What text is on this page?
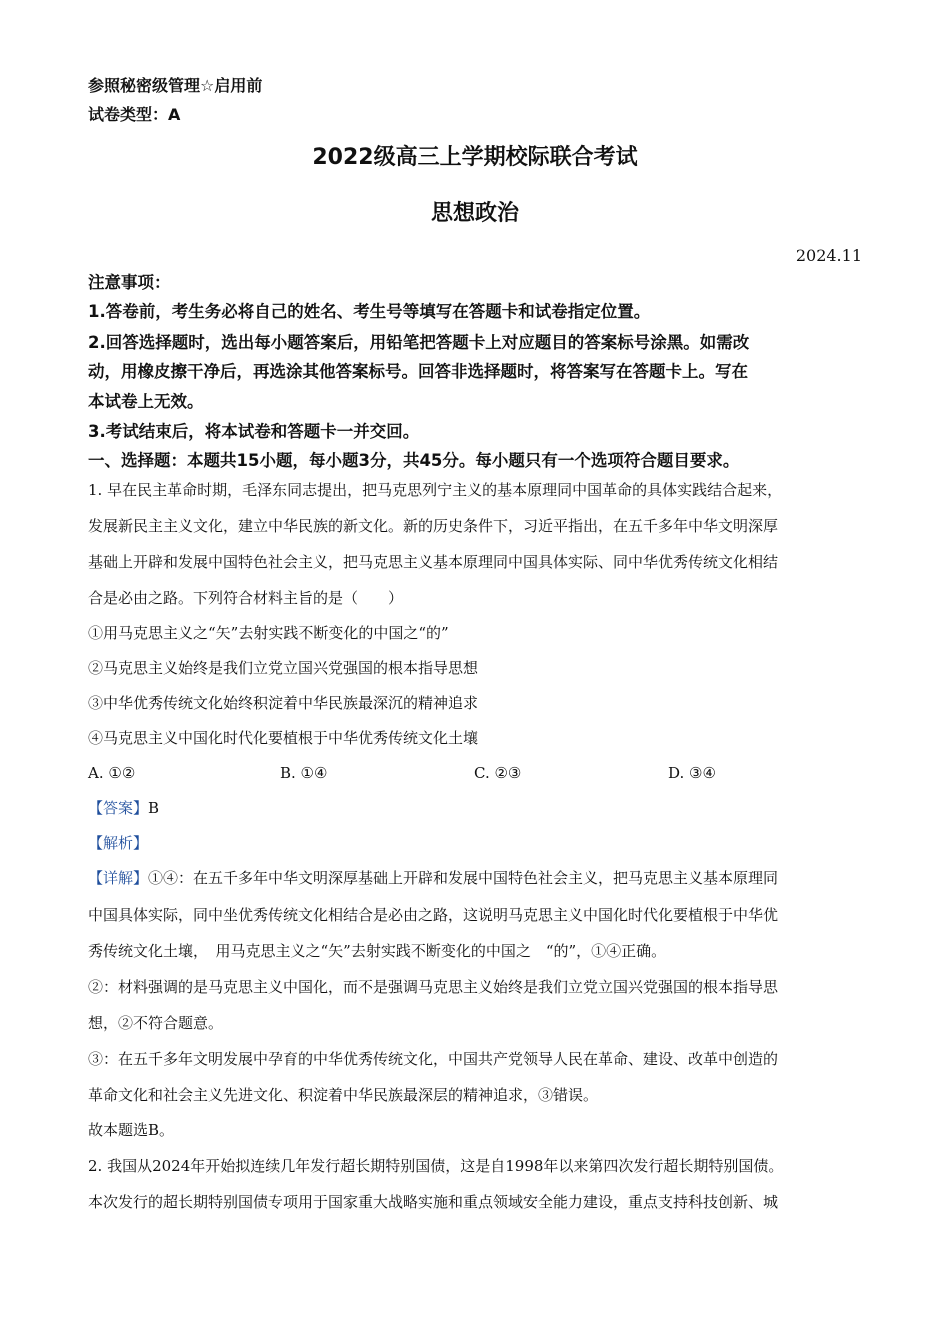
参照秘密级管理☆启用前
试卷类型：A
2022级高三上学期校际联合考试
思想政治
2024.11
注意事项：
1.答卷前，考生务必将自己的姓名、考生号等填写在答题卡和试卷指定位置。
2.回答选择题时，选出每小题答案后，用铅笔把答题卡上对应题目的答案标号涂黑。如需改
动，用橡皮擦干净后，再选涂其他答案标号。回答非选择题时，将答案写在答题卡上。写在
本试卷上无效。
3.考试结束后，将本试卷和答题卡一并交回。
一、选择题：本题共15小题，每小题3分，共45分。每小题只有一个选项符合题目要求。
1. 早在民主革命时期，毛泽东同志提出，把马克思列宁主义的基本原理同中国革命的具体实践结合起来，
发展新民主主义文化，建立中华民族的新文化。新的历史条件下，习近平指出，在五千多年中华文明深厚
基础上开辟和发展中国特色社会主义，把马克思主义基本原理同中国具体实际、同中华优秀传统文化相结
合是必由之路。下列符合材料主旨的是（　　）
①用马克思主义之“矢”去射实践不断变化的中国之“的”
②马克思主义始终是我们立党立国兴党强国的根本指导思想
③中华优秀传统文化始终积淀着中华民族最深沉的精神追求
④马克思主义中国化时代化要植根于中华优秀传统文化土壤
A. ①②	B. ①④	C. ②③	D. ③④
【答案】B
【解析】
【详解】①④：在五千多年中华文明深厚基础上开辟和发展中国特色社会主义，把马克思主义基本原理同
中国具体实际，同中坐优秀传统文化相结合是必由之路，这说明马克思主义中国化时代化要植根于中华优
秀传统文化土壤，　用马克思主义之“矢”去射实践不断变化的中国之　“的”，①④正确。
②：材料强调的是马克思主义中国化，而不是强调马克思主义始终是我们立党立国兴党强国的根本指导思
想，②不符合题意。
③：在五千多年文明发展中孕育的中华优秀传统文化，中国共产党领导人民在革命、建设、改革中创造的
革命文化和社会主义先进文化、积淀着中华民族最深层的精神追求，③错误。
故本题选B。
2. 我国从2024年开始拟连续几年发行超长期特别国债，这是自1998年以来第四次发行超长期特别国债。
本次发行的超长期特别国债专项用于国家重大战略实施和重点领域安全能力建设，重点支持科技创新、城
